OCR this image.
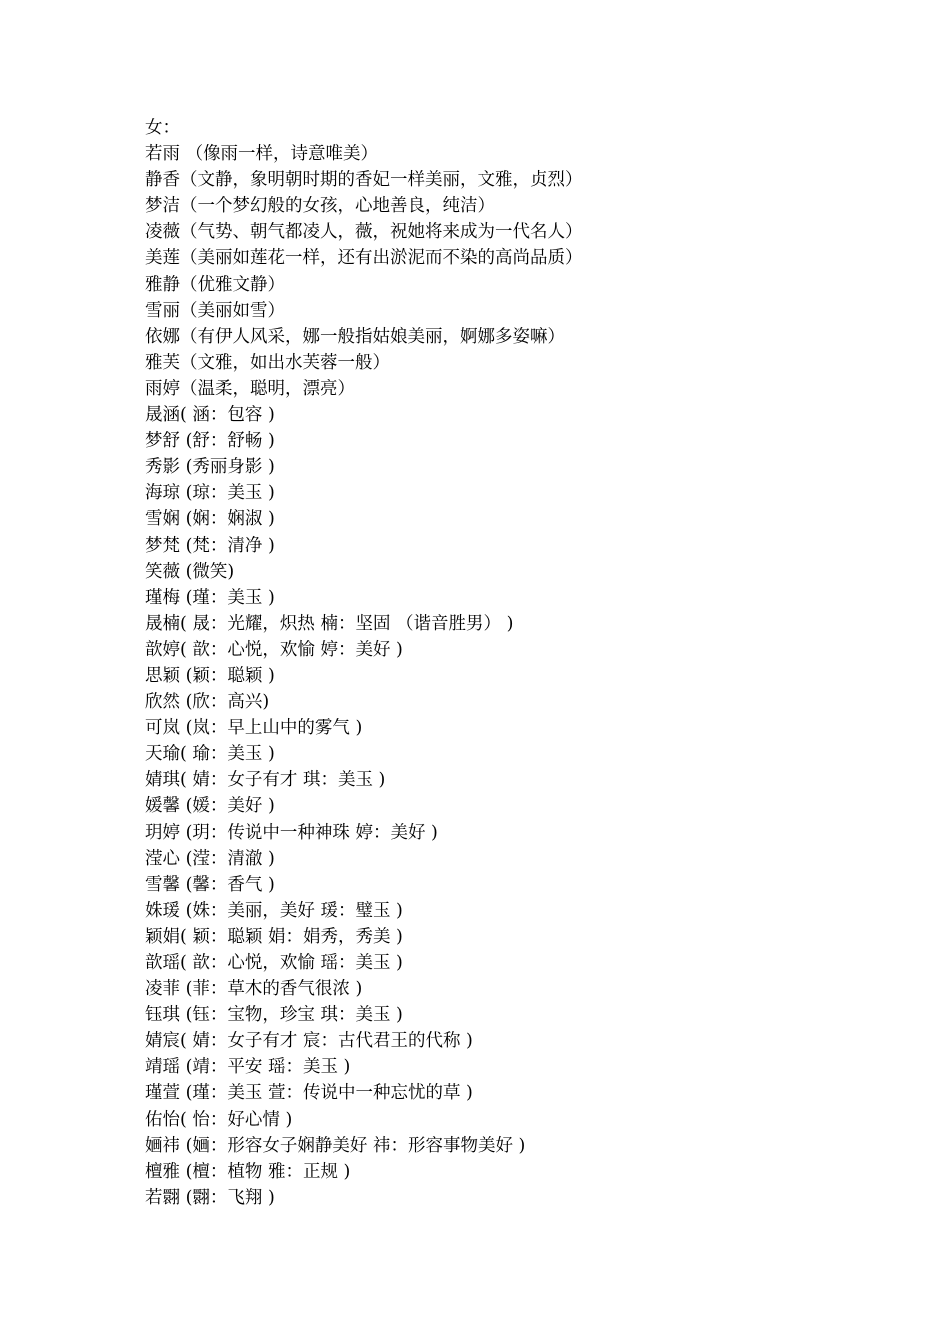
女：
若雨 （像雨一样，诗意唯美）
静香（文静，象明朝时期的香妃一样美丽，文雅，贞烈）
梦洁（一个梦幻般的女孩，心地善良，纯洁）
凌薇（气势、朝气都凌人，薇，祝她将来成为一代名人）
美莲（美丽如莲花一样，还有出淤泥而不染的高尚品质）
雅静（优雅文静）
雪丽（美丽如雪）
依娜（有伊人风采，娜一般指姑娘美丽，婀娜多姿嘛）
雅芙（文雅，如出水芙蓉一般）
雨婷（温柔，聪明，漂亮）
晟涵( 涵：包容 )
梦舒 (舒：舒畅 )
秀影 (秀丽身影 )
海琼 (琼：美玉 )
雪娴 (娴：娴淑 )
梦梵 (梵：清净 )
笑薇 (微笑)
瑾梅 (瑾：美玉 )
晟楠( 晟：光耀，炽热 楠：坚固 （谐音胜男） )
歆婷( 歆：心悦，欢愉 婷：美好 )
思颖 (颖：聪颖 )
欣然 (欣：高兴)
可岚 (岚：早上山中的雾气 )
天瑜( 瑜：美玉 )
婧琪( 婧：女子有才 琪：美玉 )
媛馨 (媛：美好 )
玥婷 (玥：传说中一种神珠 婷：美好 )
滢心 (滢：清澈 )
雪馨 (馨：香气 )
姝瑗 (姝：美丽，美好 瑗：璧玉 )
颖娟( 颖：聪颖 娟：娟秀，秀美 )
歆瑶( 歆：心悦，欢愉 瑶：美玉 )
凌菲 (菲：草木的香气很浓 )
钰琪 (钰：宝物，珍宝 琪：美玉 )
婧宸( 婧：女子有才 宸：古代君王的代称 )
靖瑶 (靖：平安 瑶：美玉 )
瑾萱 (瑾：美玉 萱：传说中一种忘忧的草 )
佑怡( 怡：好心情 )
婳祎 (婳：形容女子娴静美好 祎：形容事物美好 )
檀雅 (檀：植物 雅：正规 )
若翾 (翾：飞翔 )
